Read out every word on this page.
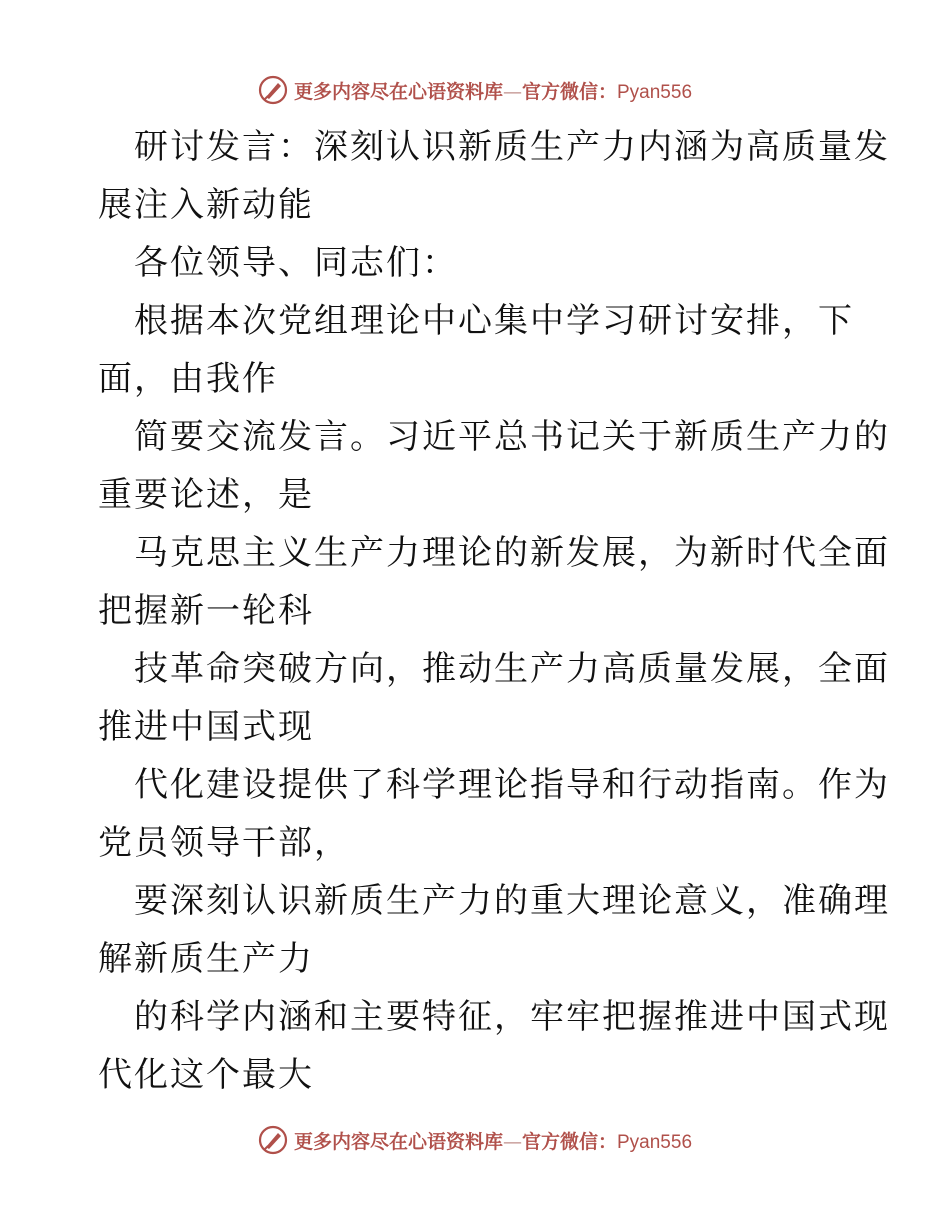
更多内容尽在心语资料库 — 官方微信： Pyan556

研讨发言：深刻认识新质生产力内涵为高质量发
展注入新动能

各位领导、同志们：

根据本次党组理论中心集中学习研讨安排，下
面，由我作

简要交流发言。习近平总书记关于新质生产力的
重要论述，是

马克思主义生产力理论的新发展，为新时代全面
把握新一轮科

技革命突破方向，推动生产力高质量发展，全面
推进中国式现

代化建设提供了科学理论指导和行动指南。作为
党员领导干部，

要深刻认识新质生产力的重大理论意义，准确理
解新质生产力

的科学内涵和主要特征，牢牢把握推进中国式现
代化这个最大

更多内容尽在心语资料库 — 官方微信： Pyan556
